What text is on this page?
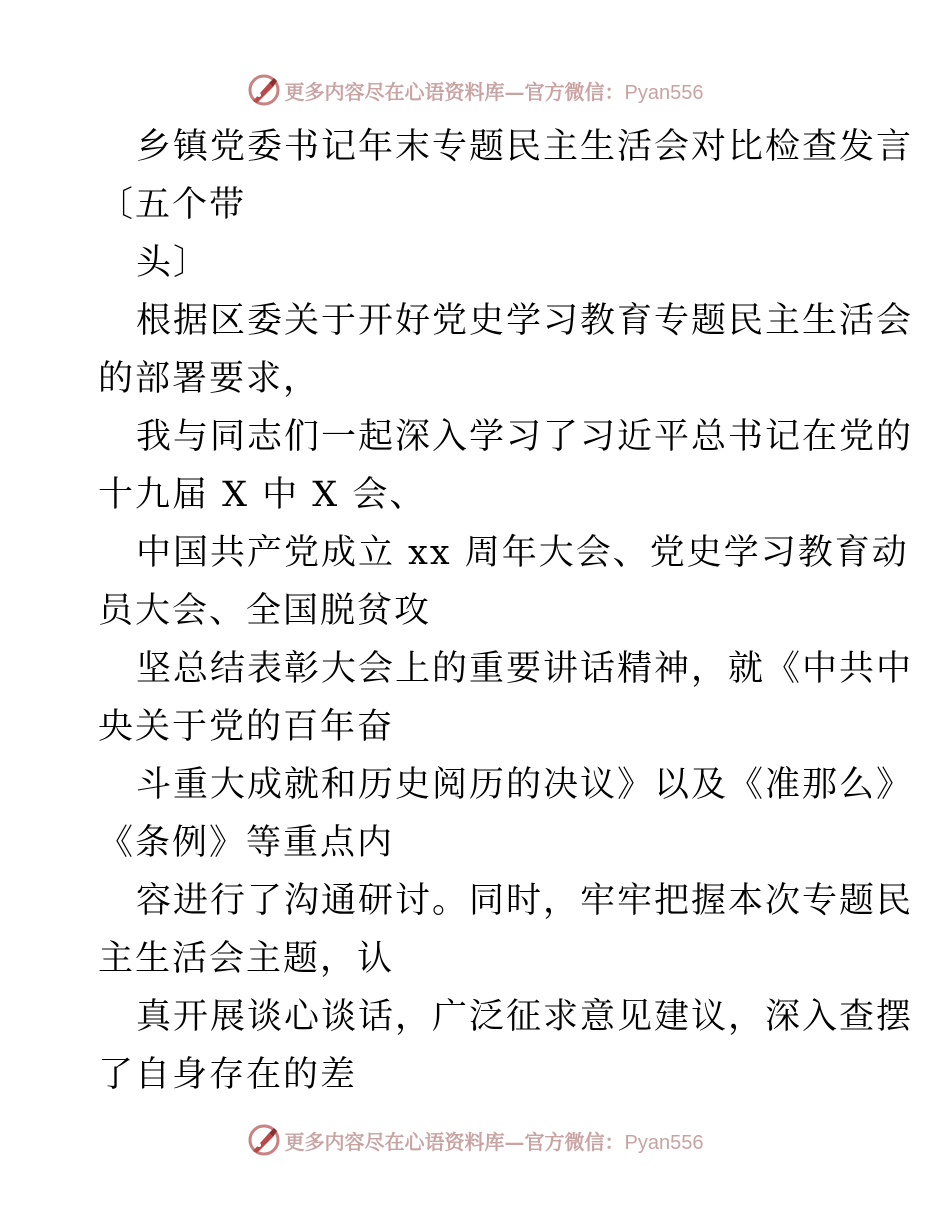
更多内容尽在心语资料库—官方微信：Pyan556
乡镇党委书记年末专题民主生活会对比检查发言
〔五个带
头〕
根据区委关于开好党史学习教育专题民主生活会
的部署要求，
我与同志们一起深入学习了习近平总书记在党的
十九届 X 中 X 会、
中国共产党成立 xx 周年大会、党史学习教育动
员大会、全国脱贫攻
坚总结表彰大会上的重要讲话精神，就《中共中
央关于党的百年奋
斗重大成就和历史阅历的决议》以及《准那么》
《条例》等重点内
容进行了沟通研讨。同时，牢牢把握本次专题民
主生活会主题，认
真开展谈心谈话，广泛征求意见建议，深入查摆
了自身存在的差
更多内容尽在心语资料库—官方微信：Pyan556
